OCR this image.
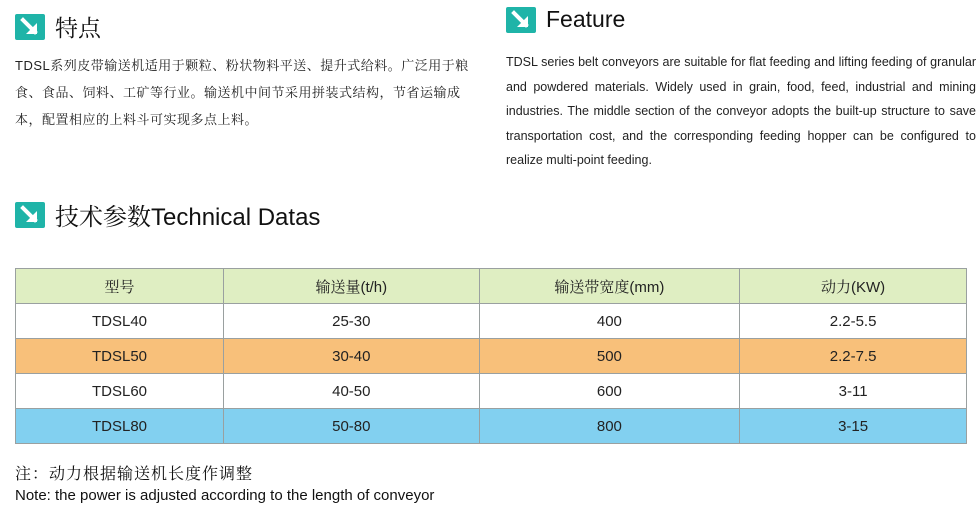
特点
TDSL系列皮带输送机适用于颗粒、粉状物料平送、提升式给料。广泛用于粮食、食品、饲料、工矿等行业。输送机中间节采用拼装式结构，节省运输成本，配置相应的上料斗可实现多点上料。
Feature
TDSL series belt conveyors are suitable for flat feeding and lifting feeding of granular and powdered materials. Widely used in grain, food, feed, industrial and mining industries. The middle section of the conveyor adopts the built-up structure to save transportation cost, and the corresponding feeding hopper can be configured to realize multi-point feeding.
技术参数Technical Datas
型号	输送量(t/h)	输送带宽度(mm)	动力(KW)
TDSL40	25-30	400	2.2-5.5
TDSL50	30-40	500	2.2-7.5
TDSL60	40-50	600	3-11
TDSL80	50-80	800	3-15
注：动力根据输送机长度作调整
Note: the power is adjusted according to the length of conveyor
